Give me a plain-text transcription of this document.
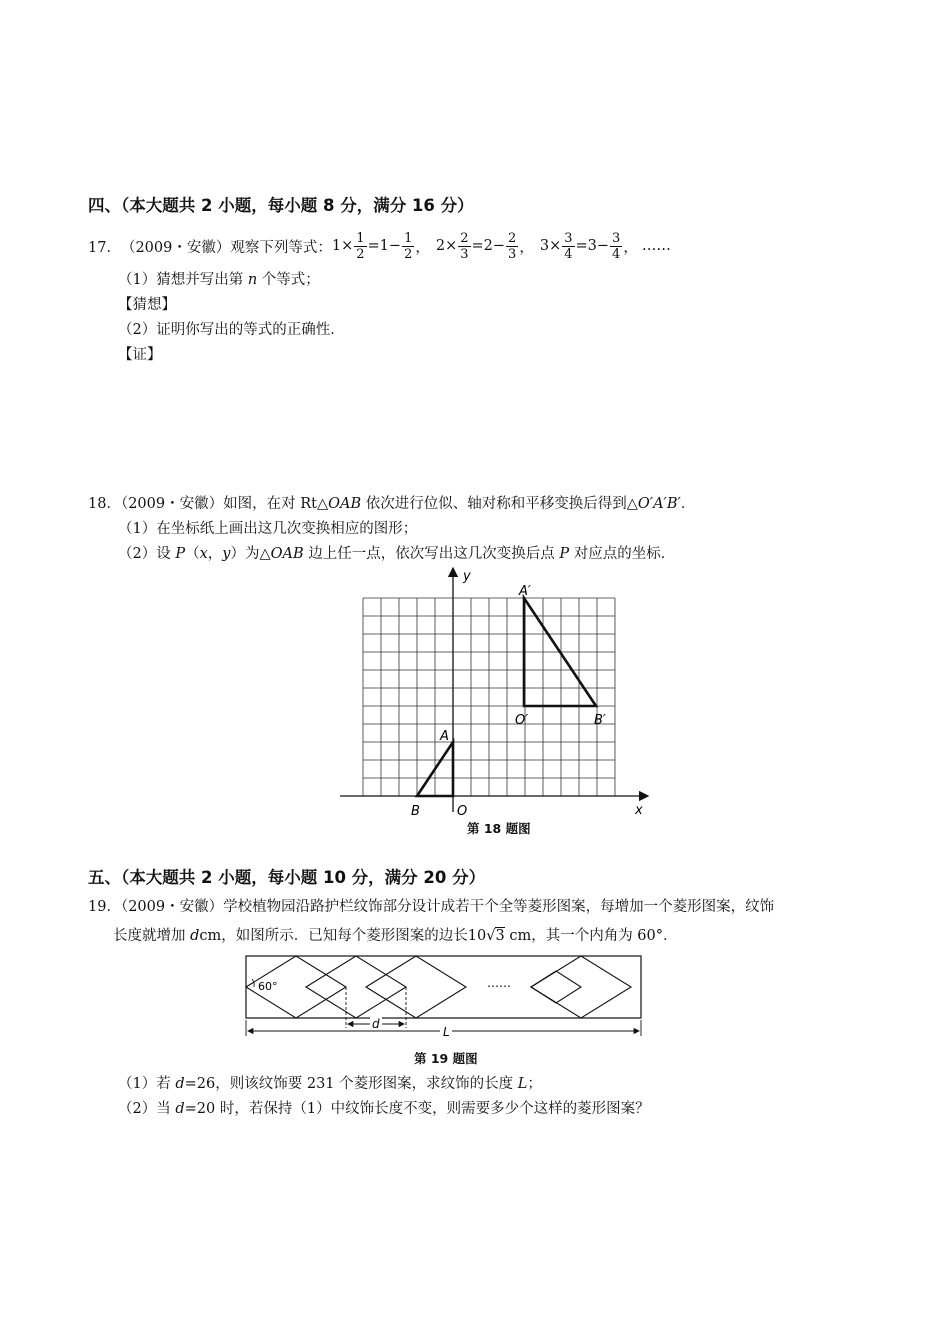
四、（本大题共 2 小题，每小题 8 分，满分 16 分）
17． （2009・安徽） 观察下列等式： $1 \times \frac{1}{2} =1- \frac{1}{2}$ ， $2 \times \frac{2}{3} =2- \frac{2}{3}$ ， $3 \times \frac{3}{4} =3- \frac{3}{4}$ ， ……
（1）猜想并写出第 n 个等式；
【猜想】
（2）证明你写出的等式的正确性．
【证】
18．（2009・安徽）如图，在对 Rt△OAB 依次进行位似、轴对称和平移变换后得到△O′A′B′．
（1）在坐标纸上画出这几次变换相应的图形；
（2）设 P（x，y）为△OAB 边上任一点，依次写出这几次变换后点 P 对应点的坐标．
y
x
A
B	O
A′
O′	B′
第 18 题图
五、（本大题共 2 小题，每小题 10 分，满分 20 分）
19．（2009・安徽）学校植物园沿路护栏纹饰部分设计成若干个全等菱形图案，每增加一个菱形图案，纹饰
长度就增加 dcm，如图所示．已知每个菱形图案的边长10√3 cm，其一个内角为 60°．
60°	……
d
L
第 19 题图
（1）若 d=26，则该纹饰要 231 个菱形图案，求纹饰的长度 L；
（2）当 d=20 时，若保持（1）中纹饰长度不变，则需要多少个这样的菱形图案？
